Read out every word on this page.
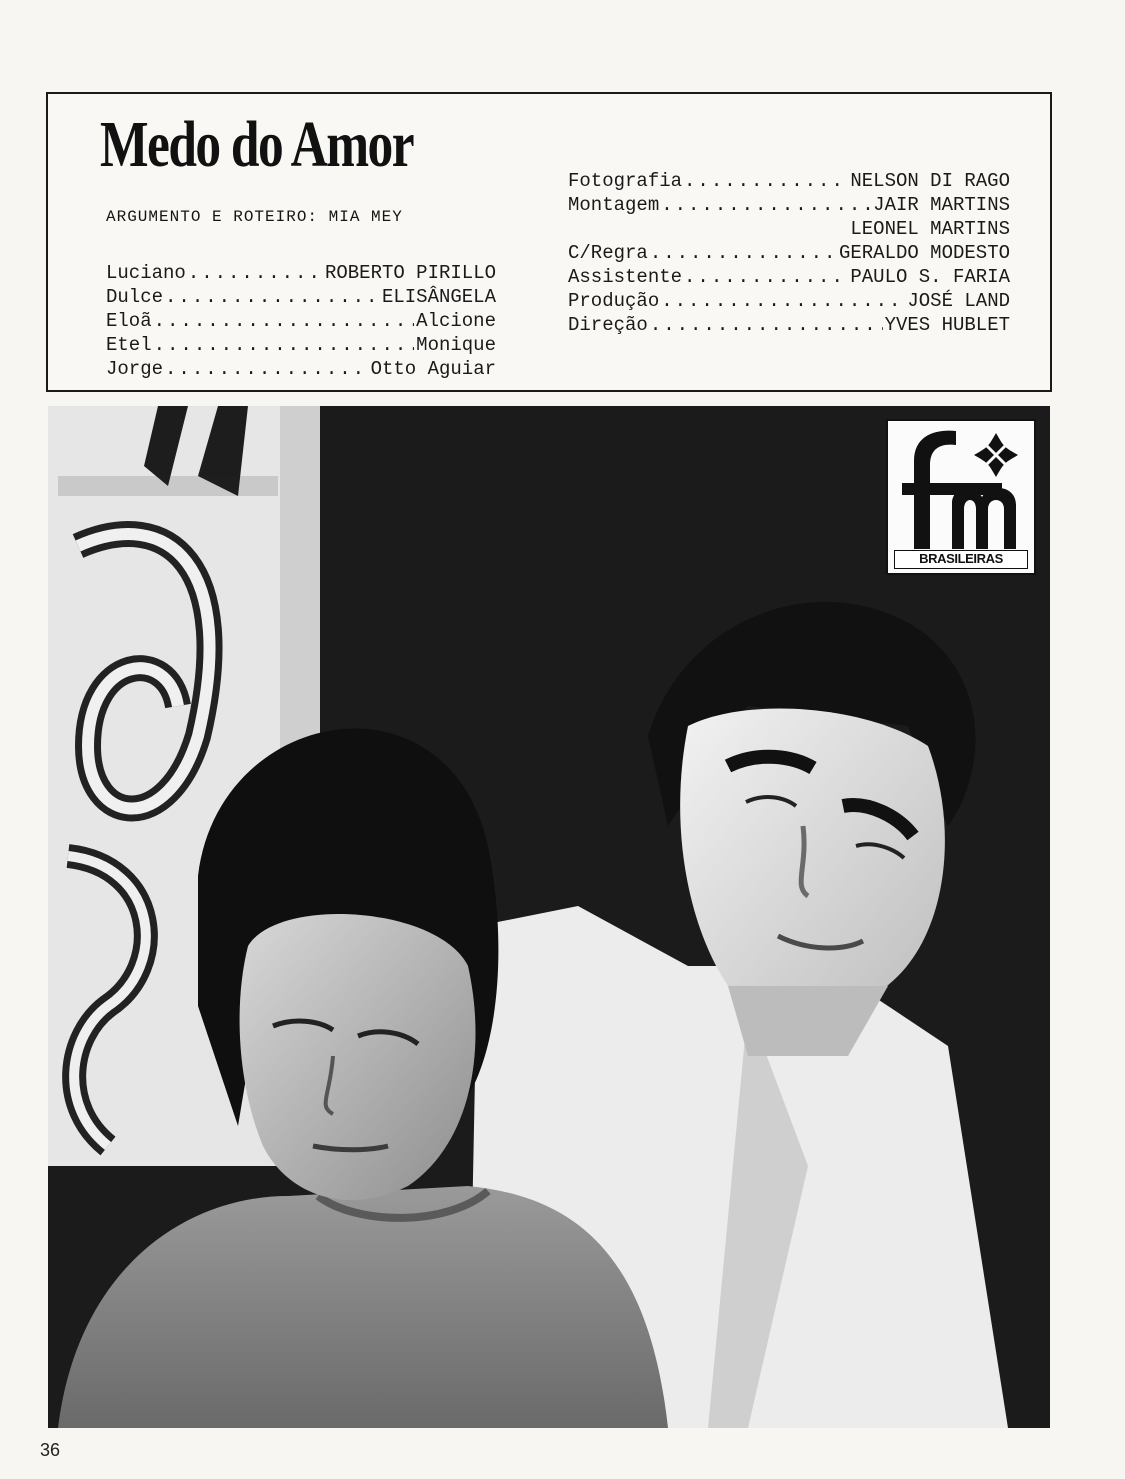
Medo do Amor
ARGUMENTO E ROTEIRO: MIA MEY
Luciano .....	ROBERTO PIRILLO
Dulce .....	ELISÂNGELA
Eloã .....	Alcione
Etel .....	Monique
Jorge .....	Otto Aguiar
Fotografia .....	NELSON DI RAGO
Montagem .....	JAIR MARTINS
LEONEL MARTINS
C/Regra .....	GERALDO MODESTO
Assistente .....	PAULO S. FARIA
Produção .....	JOSÉ LAND
Direção .....	YVES HUBLET
BRASILEIRAS
36
